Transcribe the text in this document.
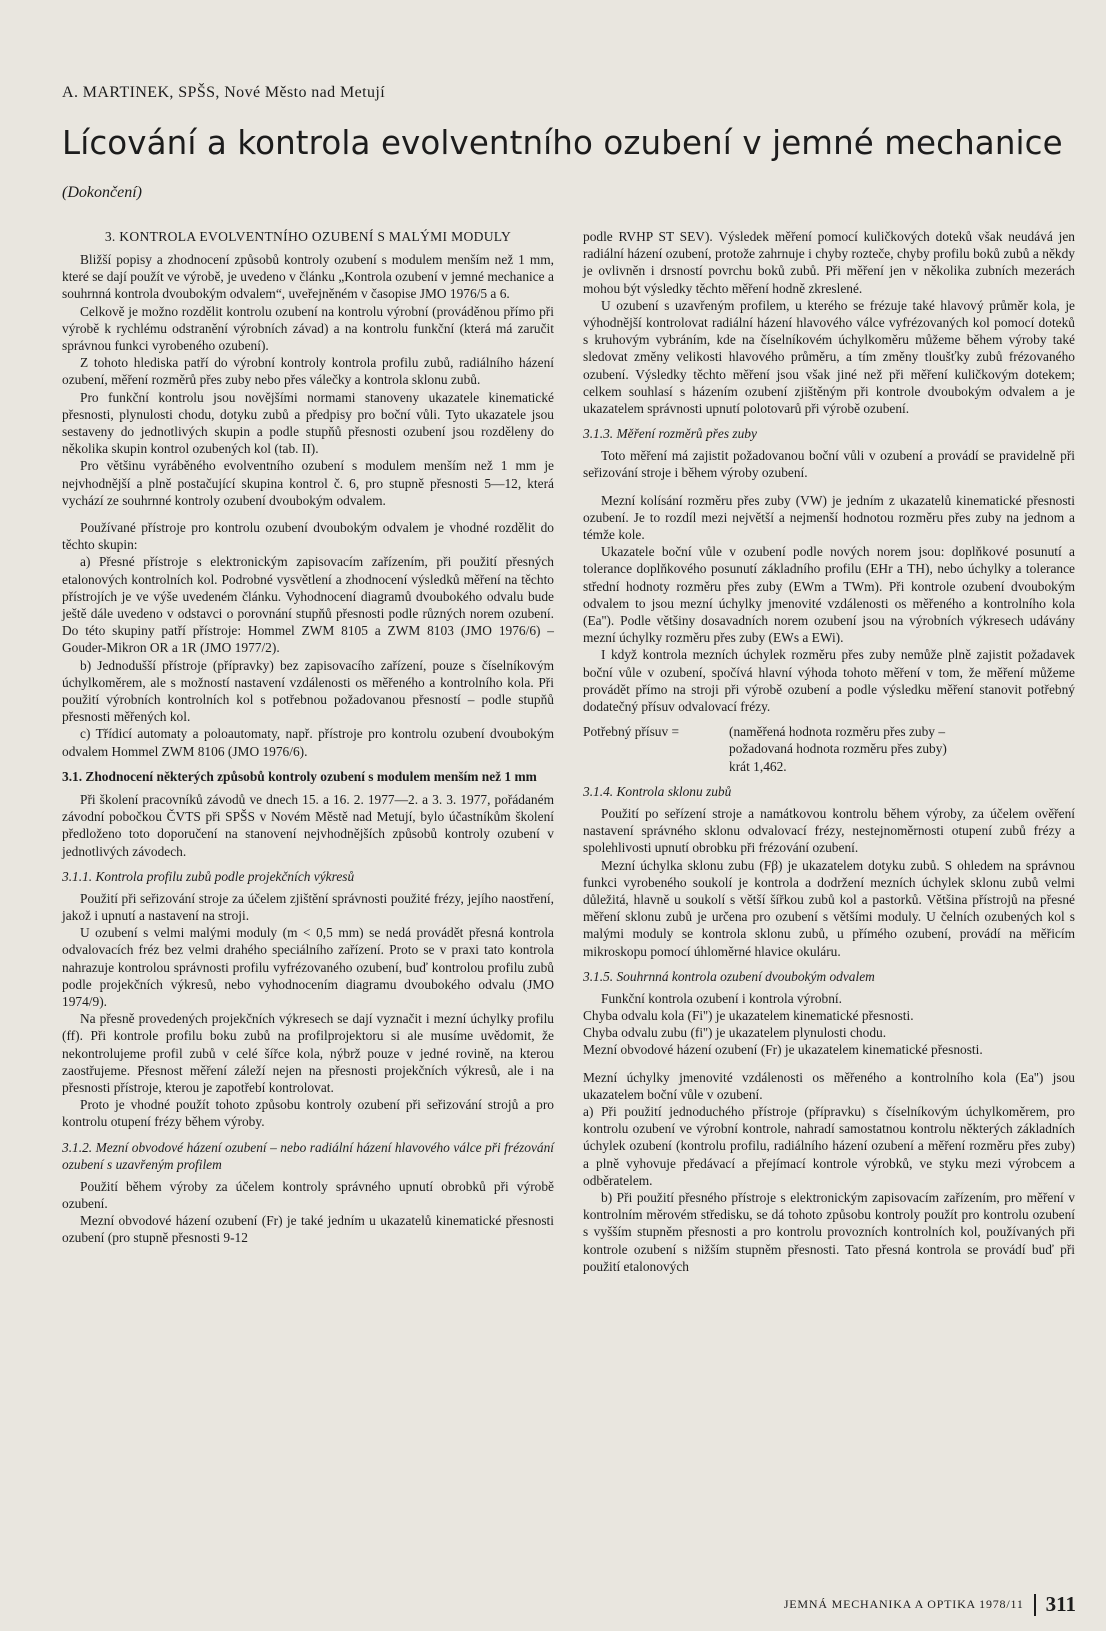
A. MARTINEK, SPŠS, Nové Město nad Metují
Lícování a kontrola evolventního ozubení v jemné mechanice
(Dokončení)
3. KONTROLA EVOLVENTNÍHO OZUBENÍ S MALÝMI MODULY

Bližší popisy a zhodnocení způsobů kontroly ozubení s modulem menším než 1 mm, které se dají použít ve výrobě, je uvedeno v článku „Kontrola ozubení v jemné mechanice a souhrnná kontrola dvoubokým odvalem“, uveřejněném v časopise JMO 1976/5 a 6.

Celkově je možno rozdělit kontrolu ozubení na kontrolu výrobní (prováděnou přímo při výrobě k rychlému odstranění výrobních závad) a na kontrolu funkční (která má zaručit správnou funkci vyrobeného ozubení).

Z tohoto hlediska patří do výrobní kontroly kontrola profilu zubů, radiálního házení ozubení, měření rozměrů přes zuby nebo přes válečky a kontrola sklonu zubů.

Pro funkční kontrolu jsou novějšími normami stanoveny ukazatele kinematické přesnosti, plynulosti chodu, dotyku zubů a předpisy pro boční vůli. Tyto ukazatele jsou sestaveny do jednotlivých skupin a podle stupňů přesnosti ozubení jsou rozděleny do několika skupin kontrol ozubených kol (tab. II).

Pro většinu vyráběného evolventního ozubení s modulem menším než 1 mm je nejvhodnější a plně postačující skupina kontrol č. 6, pro stupně přesnosti 5—12, která vychází ze souhrnné kontroly ozubení dvoubokým odvalem.

Používané přístroje pro kontrolu ozubení dvoubokým odvalem je vhodné rozdělit do těchto skupin:

a) Přesné přístroje s elektronickým zapisovacím zařízením, při použití přesných etalonových kontrolních kol. Podrobné vysvětlení a zhodnocení výsledků měření na těchto přístrojích je ve výše uvedeném článku. Vyhodnocení diagramů dvoubokého odvalu bude ještě dále uvedeno v odstavci o porovnání stupňů přesnosti podle různých norem ozubení. Do této skupiny patří přístroje: Hommel ZWM 8105 a ZWM 8103 (JMO 1976/6) – Gouder-Mikron OR a 1R (JMO 1977/2).

b) Jednodušší přístroje (přípravky) bez zapisovacího zařízení, pouze s číselníkovým úchylkoměrem, ale s možností nastavení vzdálenosti os měřeného a kontrolního kola. Při použití výrobních kontrolních kol s potřebnou požadovanou přesností – podle stupňů přesnosti měřených kol.

c) Třídicí automaty a poloautomaty, např. přístroje pro kontrolu ozubení dvoubokým odvalem Hommel ZWM 8106 (JMO 1976/6).

3.1. Zhodnocení některých způsobů kontroly ozubení s modulem menším než 1 mm

Při školení pracovníků závodů ve dnech 15. a 16. 2. 1977—2. a 3. 3. 1977, pořádaném závodní pobočkou ČVTS při SPŠS v Novém Městě nad Metují, bylo účastníkům školení předloženo toto doporučení na stanovení nejvhodnějších způsobů kontroly ozubení v jednotlivých závodech.

3.1.1. Kontrola profilu zubů podle projekčních výkresů

Použití při seřizování stroje za účelem zjištění správnosti použité frézy, jejího naostření, jakož i upnutí a nastavení na stroji.

U ozubení s velmi malými moduly (m < 0,5 mm) se nedá provádět přesná kontrola odvalovacích fréz bez velmi drahého speciálního zařízení. Proto se v praxi tato kontrola nahrazuje kontrolou správnosti profilu vyfrézovaného ozubení, buď kontrolou profilu zubů podle projekčních výkresů, nebo vyhodnocením diagramu dvoubokého odvalu (JMO 1974/9).

Na přesně provedených projekčních výkresech se dají vyznačit i mezní úchylky profilu (ff). Při kontrole profilu boku zubů na profilprojektoru si ale musíme uvědomit, že nekontrolujeme profil zubů v celé šířce kola, nýbrž pouze v jedné rovině, na kterou zaostřujeme. Přesnost měření záleží nejen na přesnosti projekčních výkresů, ale i na přesnosti přístroje, kterou je zapotřebí kontrolovat.

Proto je vhodné použít tohoto způsobu kontroly ozubení při seřizování strojů a pro kontrolu otupení frézy během výroby.

3.1.2. Mezní obvodové házení ozubení – nebo radiální házení hlavového válce při frézování ozubení s uzavřeným profilem

Použití během výroby za účelem kontroly správného upnutí obrobků při výrobě ozubení.

Mezní obvodové házení ozubení (Fr) je také jedním u ukazatelů kinematické přesnosti ozubení (pro stupně přesnosti 9-12

podle RVHP ST SEV). Výsledek měření pomocí kuličkových doteků však neudává jen radiální házení ozubení, protože zahrnuje i chyby rozteče, chyby profilu boků zubů a někdy je ovlivněn i drsností povrchu boků zubů. Při měření jen v několika zubních mezerách mohou být výsledky těchto měření hodně zkreslené.

U ozubení s uzavřeným profilem, u kterého se frézuje také hlavový průměr kola, je výhodnější kontrolovat radiální házení hlavového válce vyfrézovaných kol pomocí doteků s kruhovým vybráním, kde na číselníkovém úchylkoměru můžeme během výroby také sledovat změny velikosti hlavového průměru, a tím změny tloušťky zubů frézovaného ozubení. Výsledky těchto měření jsou však jiné než při měření kuličkovým dotekem; celkem souhlasí s házením ozubení zjištěným při kontrole dvoubokým odvalem a je ukazatelem správnosti upnutí polotovarů při výrobě ozubení.

3.1.3. Měření rozměrů přes zuby

Toto měření má zajistit požadovanou boční vůli v ozubení a provádí se pravidelně při seřizování stroje i během výroby ozubení.

Mezní kolísání rozměru přes zuby (VW) je jedním z ukazatelů kinematické přesnosti ozubení. Je to rozdíl mezi největší a nejmenší hodnotou rozměru přes zuby na jednom a témže kole.

Ukazatele boční vůle v ozubení podle nových norem jsou: doplňkové posunutí a tolerance doplňkového posunutí základního profilu (EHr a TH), nebo úchylky a tolerance střední hodnoty rozměru přes zuby (EWm a TWm). Při kontrole ozubení dvoubokým odvalem to jsou mezní úchylky jmenovité vzdálenosti os měřeného a kontrolního kola (Ea''). Podle většiny dosavadních norem ozubení jsou na výrobních výkresech udávány mezní úchylky rozměru přes zuby (EWs a EWi).

I když kontrola mezních úchylek rozměru přes zuby nemůže plně zajistit požadavek boční vůle v ozubení, spočívá hlavní výhoda tohoto měření v tom, že měření můžeme provádět přímo na stroji při výrobě ozubení a podle výsledku měření stanovit potřebný dodatečný přísuv odvalovací frézy.

Potřebný přísuv =	(naměřená hodnota rozměru přes zuby –
požadovaná hodnota rozměru přes zuby)
krát 1,462.
3.1.4. Kontrola sklonu zubů

Použití po seřízení stroje a namátkovou kontrolu během výroby, za účelem ověření nastavení správného sklonu odvalovací frézy, nestejnoměrnosti otupení zubů frézy a spolehlivosti upnutí obrobku při frézování ozubení.

Mezní úchylka sklonu zubu (Fβ) je ukazatelem dotyku zubů. S ohledem na správnou funkci vyrobeného soukolí je kontrola a dodržení mezních úchylek sklonu zubů velmi důležitá, hlavně u soukolí s větší šířkou zubů kol a pastorků. Většina přístrojů na přesné měření sklonu zubů je určena pro ozubení s většími moduly. U čelních ozubených kol s malými moduly se kontrola sklonu zubů, u přímého ozubení, provádí na měřicím mikroskopu pomocí úhloměrné hlavice okuláru.

3.1.5. Souhrnná kontrola ozubení dvoubokým odvalem

Funkční kontrola ozubení i kontrola výrobní.

Chyba odvalu kola (Fi'') je ukazatelem kinematické přesnosti.

Chyba odvalu zubu (fi'') je ukazatelem plynulosti chodu.

Mezní obvodové házení ozubení (Fr) je ukazatelem kinematické přesnosti.

Mezní úchylky jmenovité vzdálenosti os měřeného a kontrolního kola (Ea'') jsou ukazatelem boční vůle v ozubení.

a) Při použití jednoduchého přístroje (přípravku) s číselníkovým úchylkoměrem, pro kontrolu ozubení ve výrobní kontrole, nahradí samostatnou kontrolu některých základních úchylek ozubení (kontrolu profilu, radiálního házení ozubení a měření rozměru přes zuby) a plně vyhovuje předávací a přejímací kontrole výrobků, ve styku mezi výrobcem a odběratelem.

b) Při použití přesného přístroje s elektronickým zapisovacím zařízením, pro měření v kontrolním měrovém středisku, se dá tohoto způsobu kontroly použít pro kontrolu ozubení s vyšším stupněm přesnosti a pro kontrolu provozních kontrolních kol, používaných při kontrole ozubení s nižším stupněm přesnosti. Tato přesná kontrola se provádí buď při použití etalonových

JEMNÁ MECHANIKA A OPTIKA 1978/11 311
